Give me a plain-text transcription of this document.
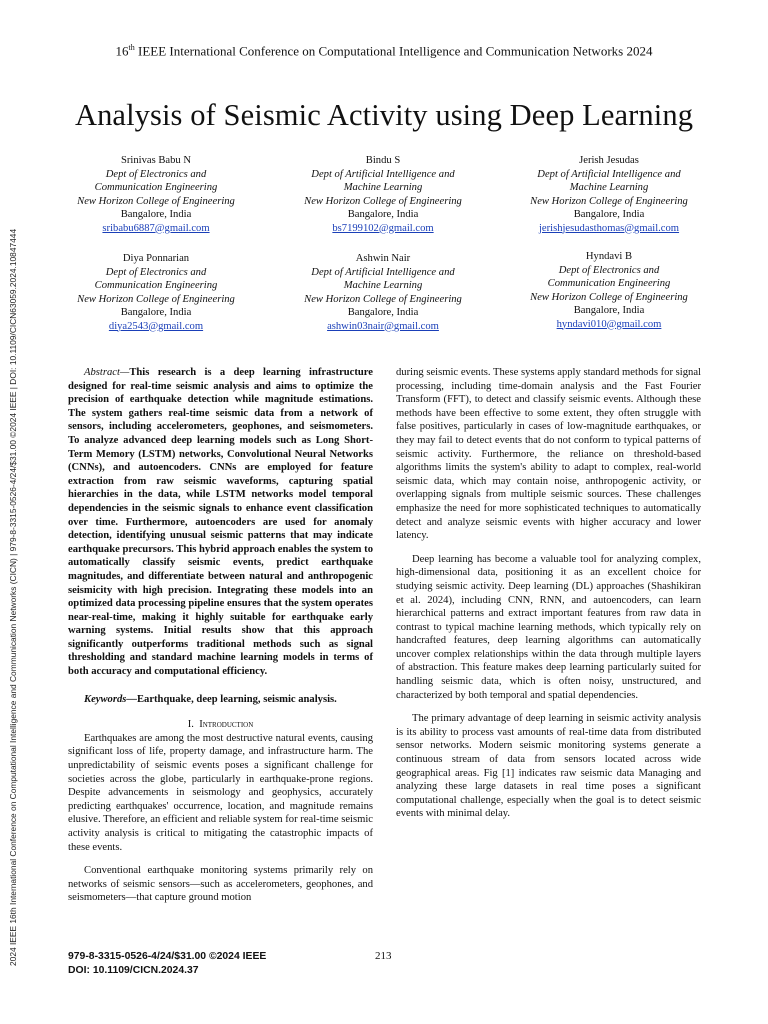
16th IEEE International Conference on Computational Intelligence and Communication Networks 2024
2024 IEEE 16th International Conference on Computational Intelligence and Communication Networks (CICN) | 979-8-3315-0526-4/24/$31.00 ©2024 IEEE | DOI: 10.1109/CICN63059.2024.10847444
Analysis of Seismic Activity using Deep Learning
Srinivas Babu N
Dept of Electronics and
Communication Engineering
New Horizon College of Engineering
Bangalore, India
sribabu6887@gmail.com
Bindu S
Dept of Artificial Intelligence and
Machine Learning
New Horizon College of Engineering
Bangalore, India
bs7199102@gmail.com
Jerish Jesudas
Dept of Artificial Intelligence and
Machine Learning
New Horizon College of Engineering
Bangalore, India
jerishjesudasthomas@gmail.com
Diya Ponnarian
Dept of Electronics and
Communication Engineering
New Horizon College of Engineering
Bangalore, India
diya2543@gmail.com
Ashwin Nair
Dept of Artificial Intelligence and
Machine Learning
New Horizon College of Engineering
Bangalore, India
ashwin03nair@gmail.com
Hyndavi B
Dept of Electronics and
Communication Engineering
New Horizon College of Engineering
Bangalore, India
hyndavi010@gmail.com

Abstract—This research is a deep learning infrastructure designed for real-time seismic analysis and aims to optimize the precision of earthquake detection while magnitude estimations. The system gathers real-time seismic data from a network of sensors, including accelerometers, geophones, and seismometers. To analyze advanced deep learning models such as Long Short-Term Memory (LSTM) networks, Convolutional Neural Networks (CNNs), and autoencoders. CNNs are employed for feature extraction from raw seismic waveforms, capturing spatial hierarchies in the data, while LSTM networks model temporal dependencies in the seismic signals to enhance event classification over time. Furthermore, autoencoders are used for anomaly detection, identifying unusual seismic patterns that may indicate earthquake precursors. This hybrid approach enables the system to automatically classify seismic events, predict earthquake magnitudes, and differentiate between natural and anthropogenic seismicity with high precision. Integrating these models into an optimized data processing pipeline ensures that the system operates near-real-time, making it highly suitable for earthquake early warning systems. Initial results show that this approach significantly outperforms traditional methods such as signal thresholding and standard machine learning models in terms of both accuracy and computational efficiency.

Keywords—Earthquake, deep learning, seismic analysis.

I. Introduction

Earthquakes are among the most destructive natural events, causing significant loss of life, property damage, and infrastructure harm. The unpredictability of seismic events poses a significant challenge for societies across the globe, particularly in earthquake-prone regions. Despite advancements in seismology and geophysics, accurately predicting earthquakes' occurrence, location, and magnitude remains elusive. Therefore, an efficient and reliable system for real-time seismic activity analysis is critical to mitigating the catastrophic impacts of these events.

Conventional earthquake monitoring systems primarily rely on networks of seismic sensors—such as accelerometers, geophones, and seismometers—that capture ground motion

during seismic events. These systems apply standard methods for signal processing, including time-domain analysis and the Fast Fourier Transform (FFT), to detect and classify seismic events. Although these methods have been effective to some extent, they often struggle with false positives, particularly in cases of low-magnitude earthquakes, or they may fail to detect events that do not conform to typical patterns of seismic activity. Furthermore, the reliance on threshold-based algorithms limits the system's ability to adapt to complex, real-world seismic data, which may contain noise, anthropogenic activity, or overlapping signals from multiple seismic sources. These challenges emphasize the need for more sophisticated techniques to automatically detect and analyze seismic events with higher accuracy and lower latency.

Deep learning has become a valuable tool for analyzing complex, high-dimensional data, positioning it as an excellent choice for studying seismic activity. Deep learning (DL) approaches (Shashikiran et al. 2024), including CNN, RNN, and autoencoders, can learn hierarchical patterns and extract important features from raw data in contrast to typical machine learning methods, which typically rely on handcrafted features, deep learning algorithms can automatically uncover complex relationships within the data through multiple layers of abstraction. This feature makes deep learning particularly suited for handling seismic data, which is often noisy, unstructured, and characterized by both temporal and spatial dependencies.

The primary advantage of deep learning in seismic activity analysis is its ability to process vast amounts of real-time data from distributed sensor networks. Modern seismic monitoring systems generate a continuous stream of data from sensors located across wide geographical areas. Fig [1] indicates raw seismic data Managing and analyzing these large datasets in real time poses a significant computational challenge, especially when the goal is to detect seismic events with minimal delay.

979-8-3315-0526-4/24/$31.00 ©2024 IEEE
DOI: 10.1109/CICN.2024.37
213
